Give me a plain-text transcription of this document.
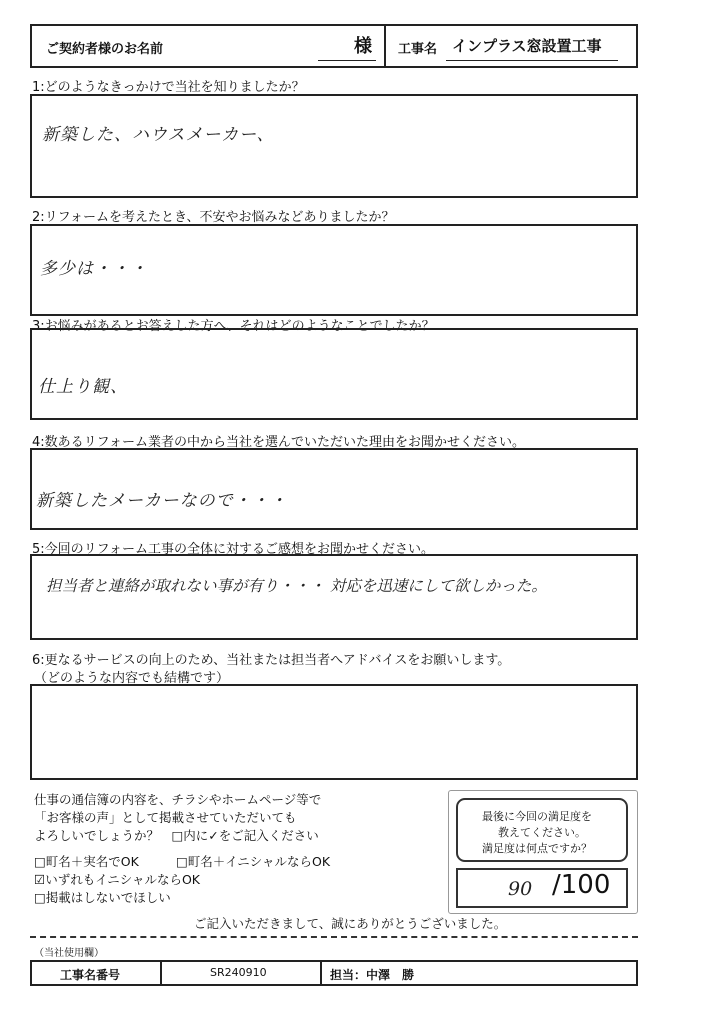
ご契約者様のお名前	様 工事名 インプラス窓設置工事
1:どのようなきっかけで当社を知りましたか？
新築した、ハウスメーカー、
2:リフォームを考えたとき、不安やお悩みなどありましたか？
多少は・・・
3:お悩みがあるとお答えした方へ、それはどのようなことでしたか？
仕上り観、
4:数あるリフォーム業者の中から当社を選んでいただいた理由をお聞かせください。
新築したメーカーなので・・・
5:今回のリフォーム工事の全体に対するご感想をお聞かせください。
担当者と連絡が取れない事が有り・・・ 対応を迅速にして欲しかった。
6:更なるサービスの向上のため、当社または担当者へアドバイスをお願いします。
（どのような内容でも結構です）
仕事の通信簿の内容を、チラシやホームページ等で
「お客様の声」として掲載させていただいても
よろしいでしょうか？　□内に✓をご記入ください
□町名＋実名でOK	□町名＋イニシャルならOK
☑いずれもイニシャルならOK
□掲載はしないでほしい
最後に今回の満足度を
教えてください。
満足度は何点ですか？
90 /100
ご記入いただきまして、誠にありがとうございました。
（当社使用欄）
工事名番号	SR240910	担当：中澤　勝
